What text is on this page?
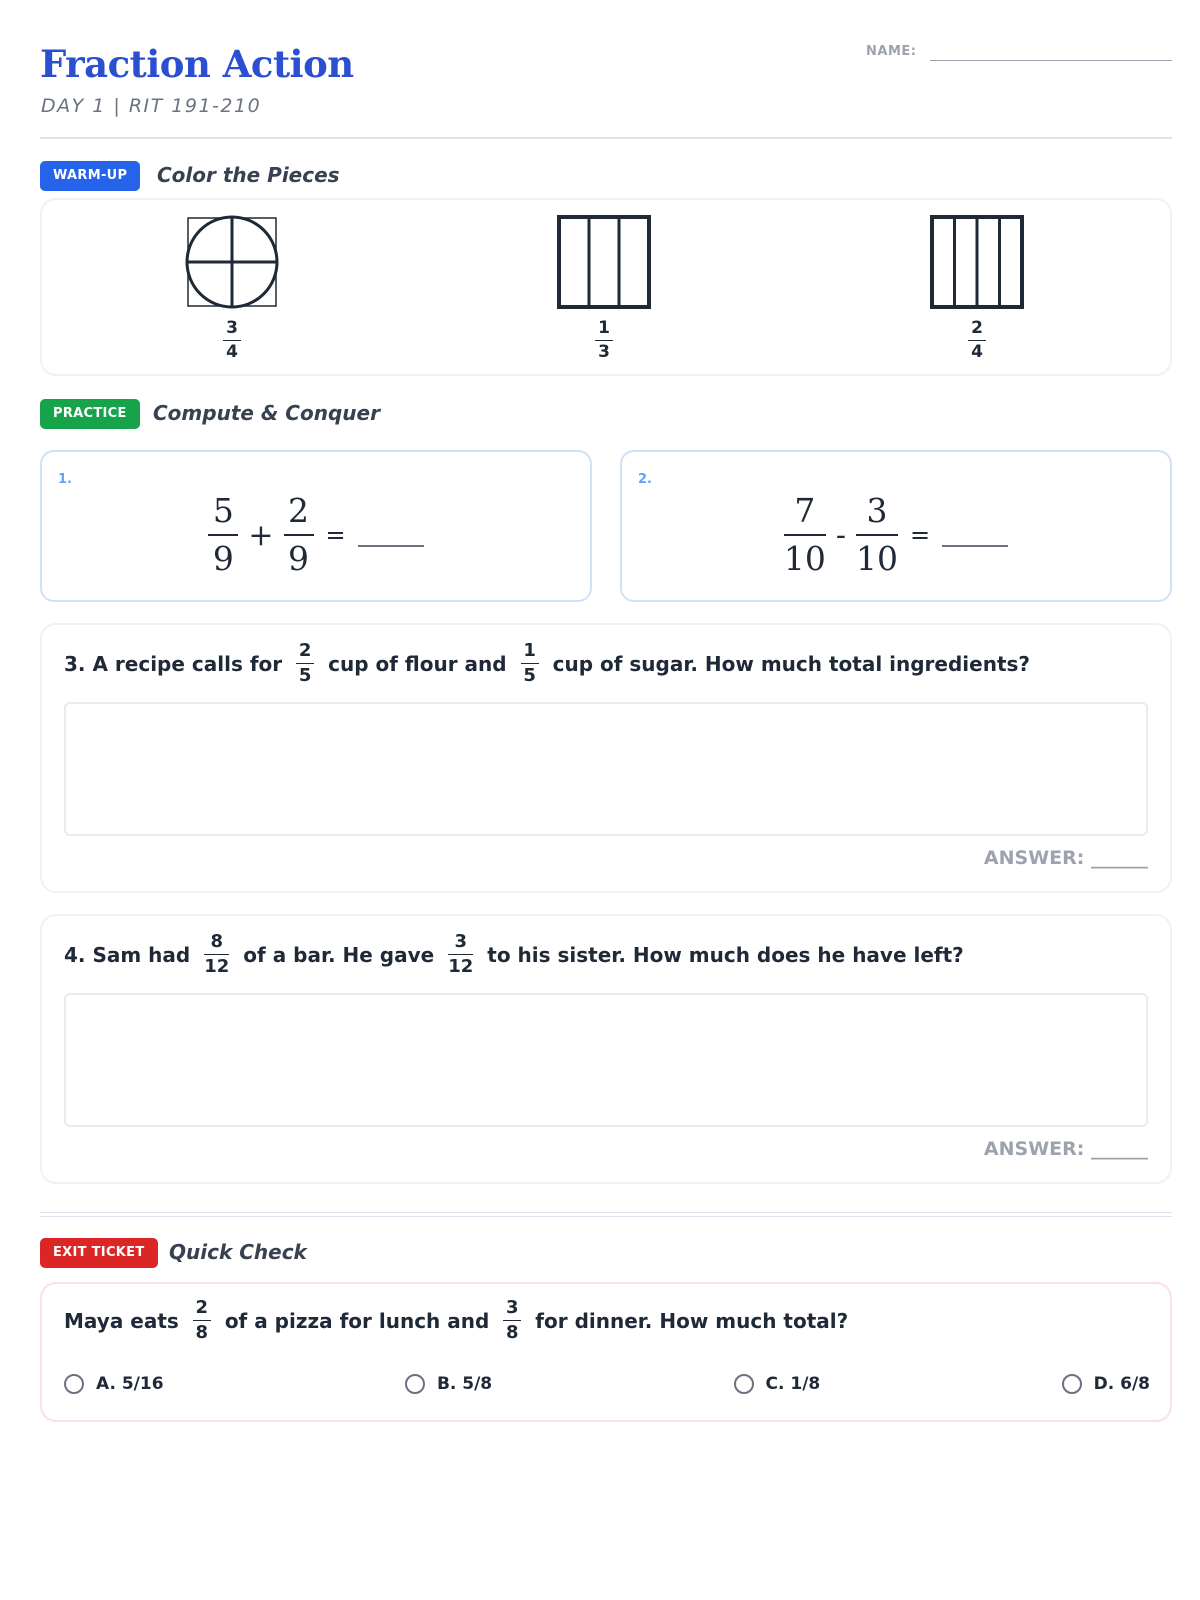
Fraction Action
DAY 1 | RIT 191-210
NAME:
WARM-UP	Color the Pieces
3
4
1
3
2
4
PRACTICE	Compute & Conquer
1.
5
9
+
2
9
=
2.
7
10
-
3
10
=
3. A recipe calls for
2
5 cup of flour and
1
5 cup of sugar. How much total ingredients?
ANSWER: ______
4. Sam had
8
12 of a bar. He gave
3
12 to his sister. How much does he have left?
ANSWER: ______
EXIT TICKET	Quick Check
Maya eats
2
8 of a pizza for lunch and
3
8 for dinner. How much total?
A. 5/16	B. 5/8	C. 1/8	D. 6/8
